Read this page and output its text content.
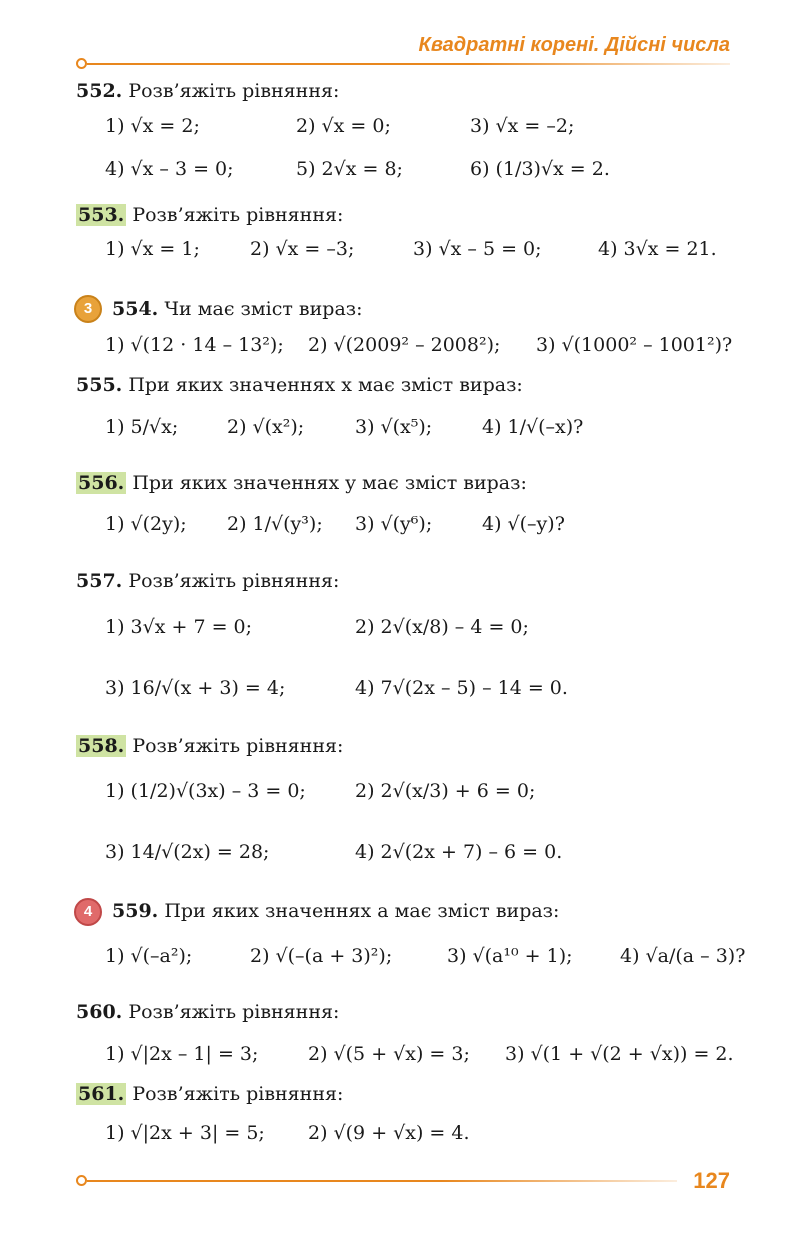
Квадратні корені. Дійсні числа
552. Розв’яжіть рівняння:
1) √x = 2;	2) √x = 0;	3) √x = –2;
4) √x – 3 = 0;	5) 2√x = 8;	6) (1/3)√x = 2.
553. Розв’яжіть рівняння:
1) √x = 1;	2) √x = –3;	3) √x – 5 = 0;	4) 3√x = 21.
3	554. Чи має зміст вираз:
1) √(12 · 14 – 13²); 2) √(2009² – 2008²); 3) √(1000² – 1001²)?
555. При яких значеннях x має зміст вираз:
1) 5/√x;	2) √(x²);	3) √(x⁵);	4) 1/√(–x)?
556. При яких значеннях y має зміст вираз:
1) √(2y); 2) 1/√(y³); 3) √(y⁶);	4) √(–y)?
557. Розв’яжіть рівняння:
1) 3√x + 7 = 0;	2) 2√(x/8) – 4 = 0;
3) 16/√(x + 3) = 4;	4) 7√(2x – 5) – 14 = 0.
558. Розв’яжіть рівняння:
1) (1/2)√(3x) – 3 = 0;	2) 2√(x/3) + 6 = 0;
3) 14/√(2x) = 28;	4) 2√(2x + 7) – 6 = 0.
4	559. При яких значеннях a має зміст вираз:
1) √(–a²);	2) √(–(a + 3)²);	3) √(a¹⁰ + 1); 4) √a/(a – 3)?
560. Розв’яжіть рівняння:
1) √|2x – 1| = 3;	2) √(5 + √x) = 3; 3) √(1 + √(2 + √x)) = 2.
561. Розв’яжіть рівняння:
1) √|2x + 3| = 5; 2) √(9 + √x) = 4.
127
